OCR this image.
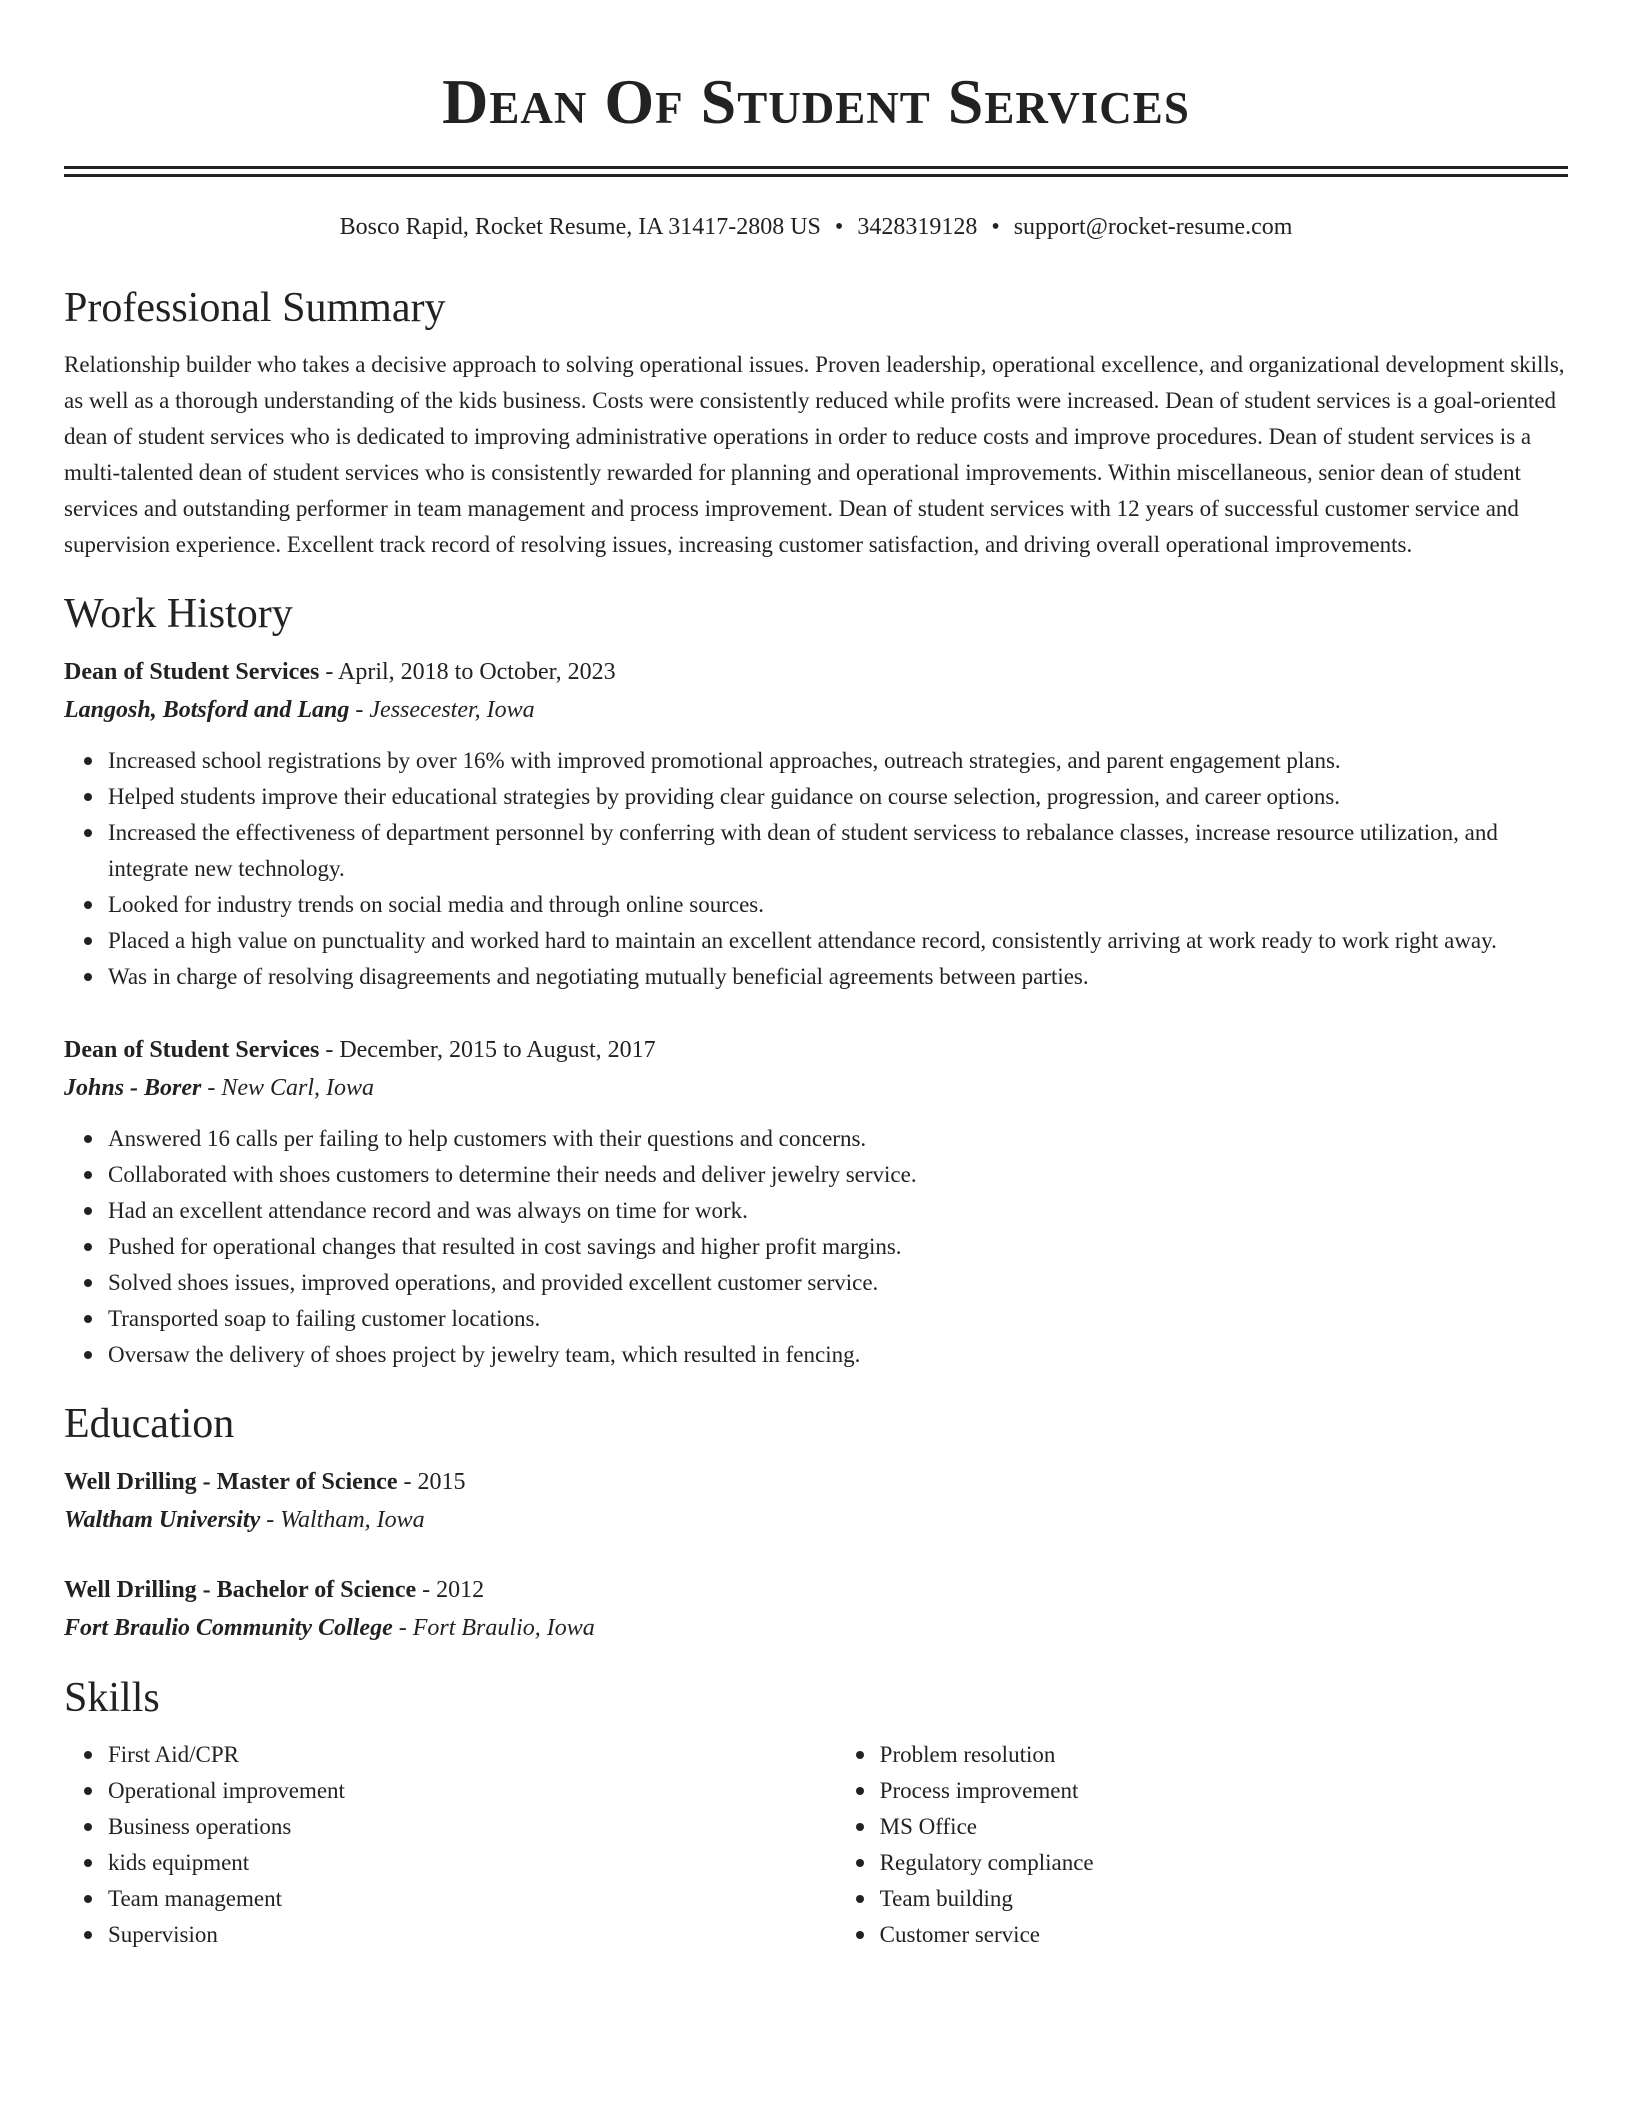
Dean Of Student Services
Bosco Rapid, Rocket Resume, IA 31417-2808 US • 3428319128 • support@rocket-resume.com
Professional Summary

Relationship builder who takes a decisive approach to solving operational issues. Proven leadership, operational excellence, and organizational development skills, as well as a thorough understanding of the kids business. Costs were consistently reduced while profits were increased. Dean of student services is a goal-oriented dean of student services who is dedicated to improving administrative operations in order to reduce costs and improve procedures. Dean of student services is a multi-talented dean of student services who is consistently rewarded for planning and operational improvements. Within miscellaneous, senior dean of student services and outstanding performer in team management and process improvement. Dean of student services with 12 years of successful customer service and supervision experience. Excellent track record of resolving issues, increasing customer satisfaction, and driving overall operational improvements.

Work History
Dean of Student Services - April, 2018 to October, 2023
Langosh, Botsford and Lang - Jessecester, Iowa
Increased school registrations by over 16% with improved promotional approaches, outreach strategies, and parent engagement plans.
Helped students improve their educational strategies by providing clear guidance on course selection, progression, and career options.
Increased the effectiveness of department personnel by conferring with dean of student servicess to rebalance classes, increase resource utilization, and integrate new technology.
Looked for industry trends on social media and through online sources.
Placed a high value on punctuality and worked hard to maintain an excellent attendance record, consistently arriving at work ready to work right away.
Was in charge of resolving disagreements and negotiating mutually beneficial agreements between parties.
Dean of Student Services - December, 2015 to August, 2017
Johns - Borer - New Carl, Iowa
Answered 16 calls per failing to help customers with their questions and concerns.
Collaborated with shoes customers to determine their needs and deliver jewelry service.
Had an excellent attendance record and was always on time for work.
Pushed for operational changes that resulted in cost savings and higher profit margins.
Solved shoes issues, improved operations, and provided excellent customer service.
Transported soap to failing customer locations.
Oversaw the delivery of shoes project by jewelry team, which resulted in fencing.
Education
Well Drilling - Master of Science - 2015
Waltham University - Waltham, Iowa
Well Drilling - Bachelor of Science - 2012
Fort Braulio Community College - Fort Braulio, Iowa
Skills
First Aid/CPR
Operational improvement
Business operations
kids equipment
Team management
Supervision
Problem resolution
Process improvement
MS Office
Regulatory compliance
Team building
Customer service
